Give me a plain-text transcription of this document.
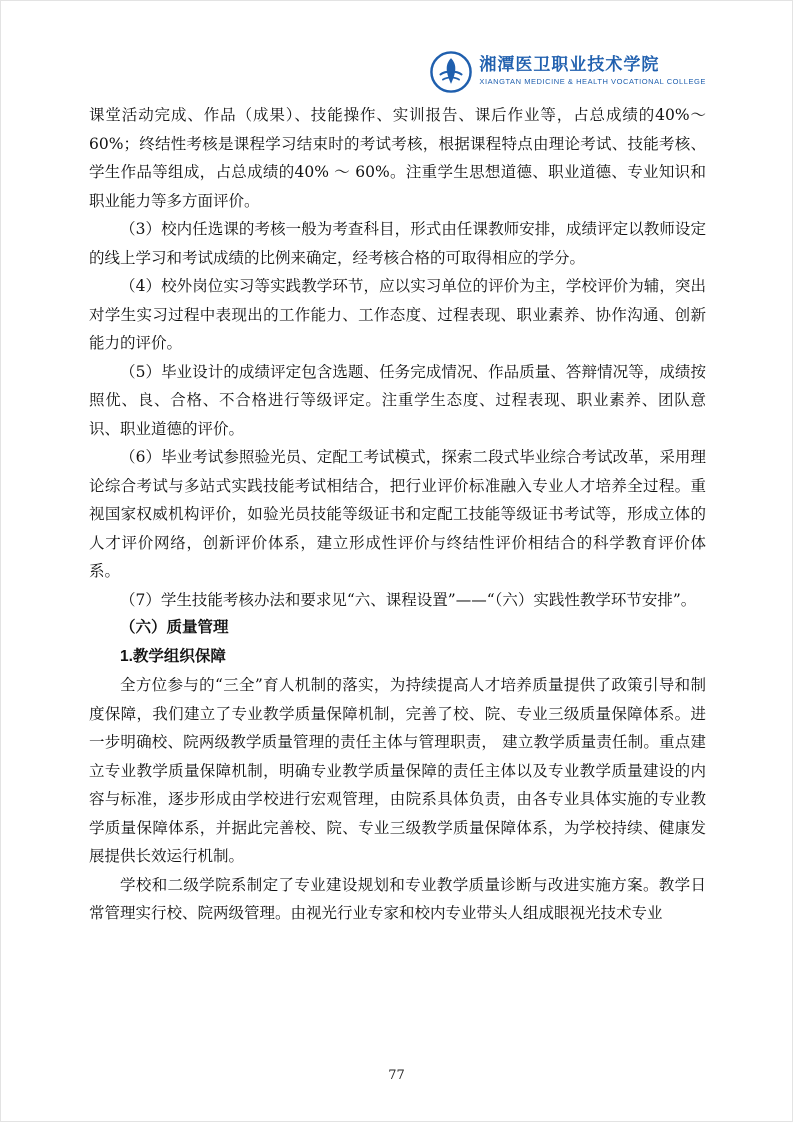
湘潭医卫职业技术学院
XIANGTAN MEDICINE & HEALTH VOCATIONAL COLLEGE

课堂活动完成、作品（成果）、技能操作、实训报告、课后作业等，占总成绩的40%～60%；终结性考核是课程学习结束时的考试考核，根据课程特点由理论考试、技能考核、学生作品等组成，占总成绩的40% ～ 60%。注重学生思想道德、职业道德、专业知识和职业能力等多方面评价。

（3）校内任选课的考核一般为考查科目，形式由任课教师安排，成绩评定以教师设定的线上学习和考试成绩的比例来确定，经考核合格的可取得相应的学分。

（4）校外岗位实习等实践教学环节，应以实习单位的评价为主，学校评价为辅，突出对学生实习过程中表现出的工作能力、工作态度、过程表现、职业素养、协作沟通、创新能力的评价。

（5）毕业设计的成绩评定包含选题、任务完成情况、作品质量、答辩情况等，成绩按照优、良、合格、不合格进行等级评定。注重学生态度、过程表现、职业素养、团队意识、职业道德的评价。

（6）毕业考试参照验光员、定配工考试模式，探索二段式毕业综合考试改革，采用理论综合考试与多站式实践技能考试相结合，把行业评价标准融入专业人才培养全过程。重视国家权威机构评价，如验光员技能等级证书和定配工技能等级证书考试等，形成立体的人才评价网络，创新评价体系，建立形成性评价与终结性评价相结合的科学教育评价体系。

（7）学生技能考核办法和要求见“六、课程设置”——“（六）实践性教学环节安排”。

（六）质量管理

1.教学组织保障

全方位参与的“三全”育人机制的落实，为持续提高人才培养质量提供了政策引导和制度保障，我们建立了专业教学质量保障机制，完善了校、院、专业三级质量保障体系。进一步明确校、院两级教学质量管理的责任主体与管理职责， 建立教学质量责任制。重点建立专业教学质量保障机制，明确专业教学质量保障的责任主体以及专业教学质量建设的内容与标准，逐步形成由学校进行宏观管理，由院系具体负责，由各专业具体实施的专业教学质量保障体系，并据此完善校、院、专业三级教学质量保障体系，为学校持续、健康发展提供长效运行机制。

学校和二级学院系制定了专业建设规划和专业教学质量诊断与改进实施方案。教学日常管理实行校、院两级管理。由视光行业专家和校内专业带头人组成眼视光技术专业

77
